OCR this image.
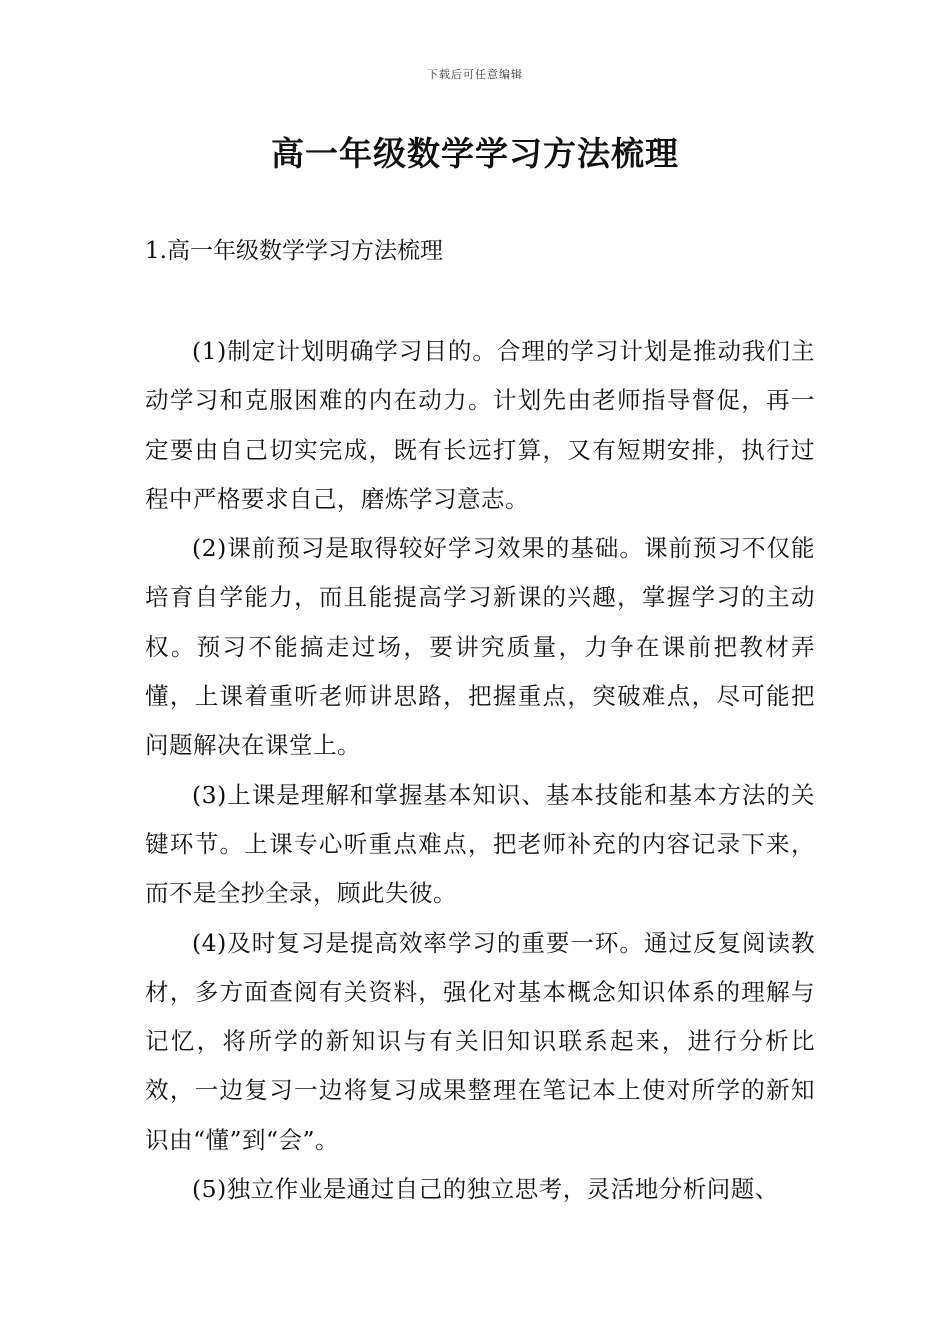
下载后可任意编辑
高一年级数学学习方法梳理
1.高一年级数学学习方法梳理

(1)制定计划明确学习目的。合理的学习计划是推动我们主动学习和克服困难的内在动力。计划先由老师指导督促，再一定要由自己切实完成，既有长远打算，又有短期安排，执行过程中严格要求自己，磨炼学习意志。

(2)课前预习是取得较好学习效果的基础。课前预习不仅能培育自学能力，而且能提高学习新课的兴趣，掌握学习的主动权。预习不能搞走过场，要讲究质量，力争在课前把教材弄懂，上课着重听老师讲思路，把握重点，突破难点，尽可能把问题解决在课堂上。

(3)上课是理解和掌握基本知识、基本技能和基本方法的关键环节。上课专心听重点难点，把老师补充的内容记录下来，而不是全抄全录，顾此失彼。

(4)及时复习是提高效率学习的重要一环。通过反复阅读教材，多方面查阅有关资料，强化对基本概念知识体系的理解与记忆，将所学的新知识与有关旧知识联系起来，进行分析比效，一边复习一边将复习成果整理在笔记本上使对所学的新知识由“懂”到“会”。

(5)独立作业是通过自己的独立思考，灵活地分析问题、
